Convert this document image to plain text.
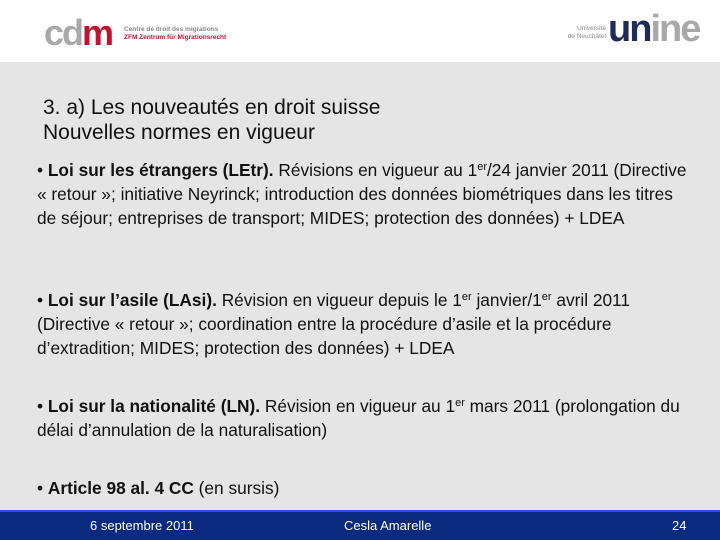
cdm Centre de droit des migrations
ZFM Zentrum für Migrationsrecht
Université
de Neuchâtel unine
3. a) Les nouveautés en droit suisse
Nouvelles normes en vigueur
• Loi sur les étrangers (LEtr). Révisions en vigueur au 1er/24 janvier 2011 (Directive « retour »; initiative Neyrinck; introduction des données biométriques dans les titres de séjour; entreprises de transport; MIDES; protection des données) + LDEA
• Loi sur l’asile (LAsi). Révision en vigueur depuis le 1er janvier/1er avril 2011 (Directive « retour »; coordination entre la procédure d’asile et la procédure d’extradition; MIDES; protection des données) + LDEA
• Loi sur la nationalité (LN). Révision en vigueur au 1er mars 2011 (prolongation du délai d’annulation de la naturalisation)
• Article 98 al. 4 CC (en sursis)
6 septembre 2011	Cesla Amarelle	24
